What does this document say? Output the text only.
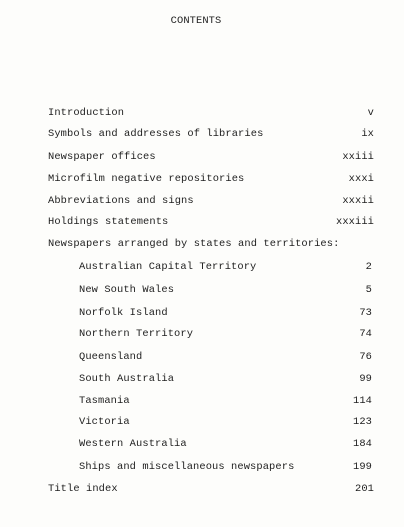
CONTENTS
Introduction	v
Symbols and addresses of libraries	ix
Newspaper offices	xxiii
Microfilm negative repositories	xxxi
Abbreviations and signs	xxxii
Holdings statements	xxxiii
Newspapers arranged by states and territories:
Australian Capital Territory	2
New South Wales	5
Norfolk Island	73
Northern Territory	74
Queensland	76
South Australia	99
Tasmania	114
Victoria	123
Western Australia	184
Ships and miscellaneous newspapers	199
Title index	201
